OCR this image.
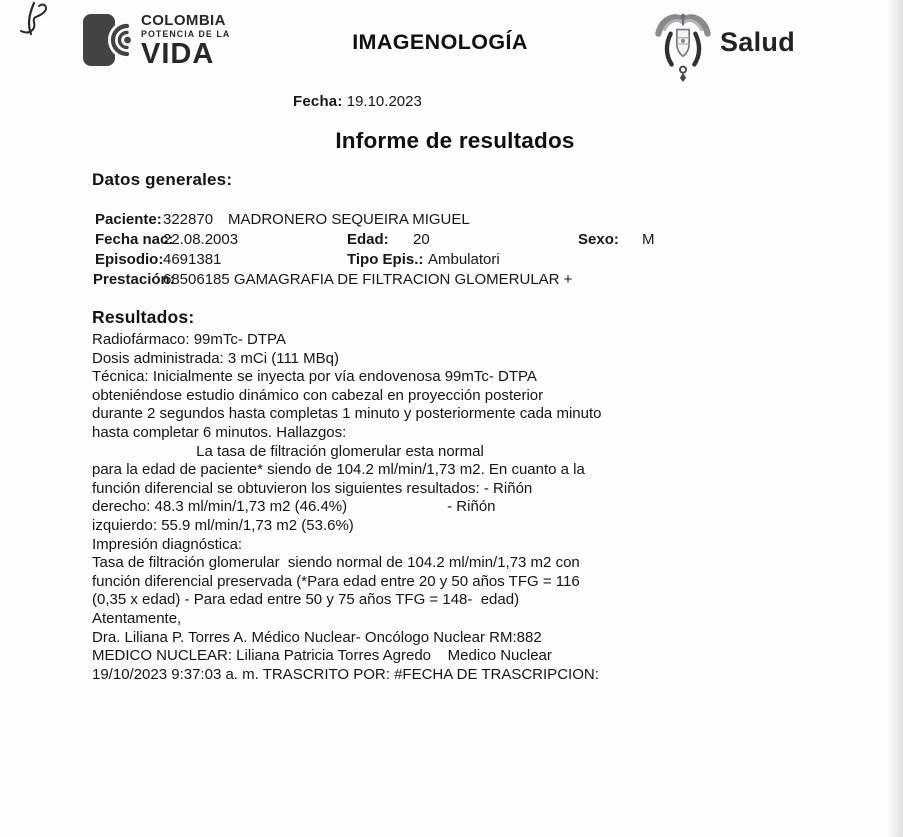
COLOMBIA
POTENCIA DE LA
VIDA	IMAGENOLOGÍA	Salud
Fecha: 19.10.2023
Informe de resultados
Datos generales:
Paciente: 322870 MADRONERO SEQUEIRA MIGUEL
Fecha nac:
22.08.2003	Edad: 20	Sexo: M
Episodio: 4691381	Tipo Epis.: Ambulatori
Prestación:
68506185 GAMAGRAFIA DE FILTRACION GLOMERULAR +
Resultados:
Radiofármaco: 99mTc- DTPA
Dosis administrada: 3 mCi (111 MBq)
Técnica: Inicialmente se inyecta por vía endovenosa 99mTc- DTPA
obteniéndose estudio dinámico con cabezal en proyección posterior
durante 2 segundos hasta completas 1 minuto y posteriormente cada minuto
hasta completar 6 minutos. Hallazgos:
La tasa de filtración glomerular esta normal
para la edad de paciente* siendo de 104.2 ml/min/1,73 m2. En cuanto a la
función diferencial se obtuvieron los siguientes resultados: - Riñón
derecho: 48.3 ml/min/1,73 m2 (46.4%)                        - Riñón
izquierdo: 55.9 ml/min/1,73 m2 (53.6%)
Impresión diagnóstica:
Tasa de filtración glomerular  siendo normal de 104.2 ml/min/1,73 m2 con
función diferencial preservada (*Para edad entre 20 y 50 años TFG = 116
(0,35 x edad) - Para edad entre 50 y 75 años TFG = 148-  edad)
Atentamente,
Dra. Liliana P. Torres A. Médico Nuclear- Oncólogo Nuclear RM:882
MEDICO NUCLEAR: Liliana Patricia Torres Agredo    Medico Nuclear
19/10/2023 9:37:03 a. m. TRASCRITO POR: #FECHA DE TRASCRIPCION:
